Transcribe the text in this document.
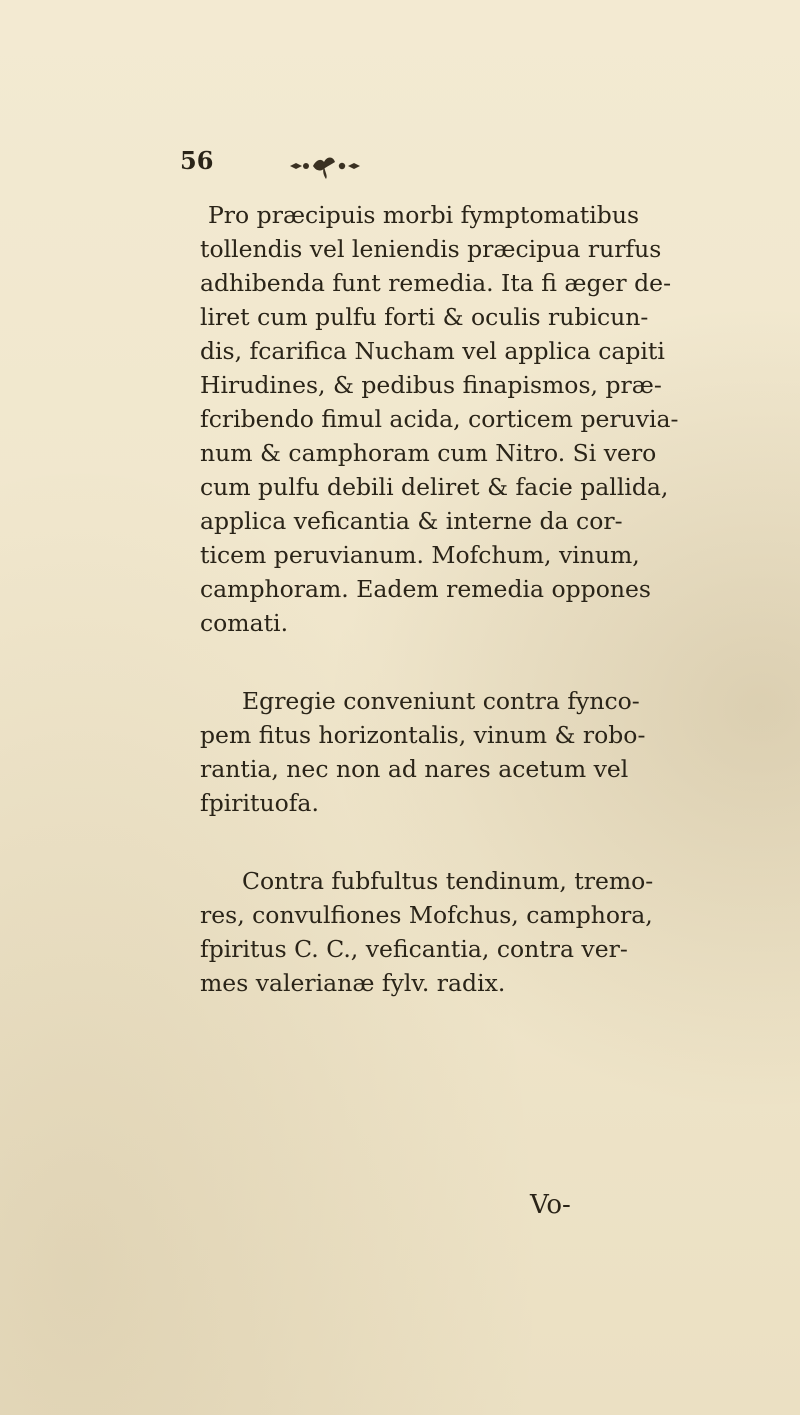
56

Pro præcipuis morbi fymptomatibus
tollendis vel leniendis præcipua rurfus
adhibenda funt remedia. Ita fi æger de-
liret cum pulfu forti & oculis rubicun-
dis, fcarifica Nucham vel applica capiti
Hirudines, & pedibus finapismos, præ-
fcribendo fimul acida, corticem peruvia-
num & camphoram cum Nitro. Si vero
cum pulfu debili deliret & facie pallida,
applica veficantia & interne da cor-
ticem peruvianum. Mofchum, vinum,
camphoram. Eadem remedia oppones
comati.

Egregie conveniunt contra fynco-
pem fitus horizontalis, vinum & robo-
rantia, nec non ad nares acetum vel
fpirituofa.

Contra fubfultus tendinum, tremo-
res, convulfiones Mofchus, camphora,
fpiritus C. C., veficantia, contra ver-
mes valerianæ fylv. radix.

Vo-
